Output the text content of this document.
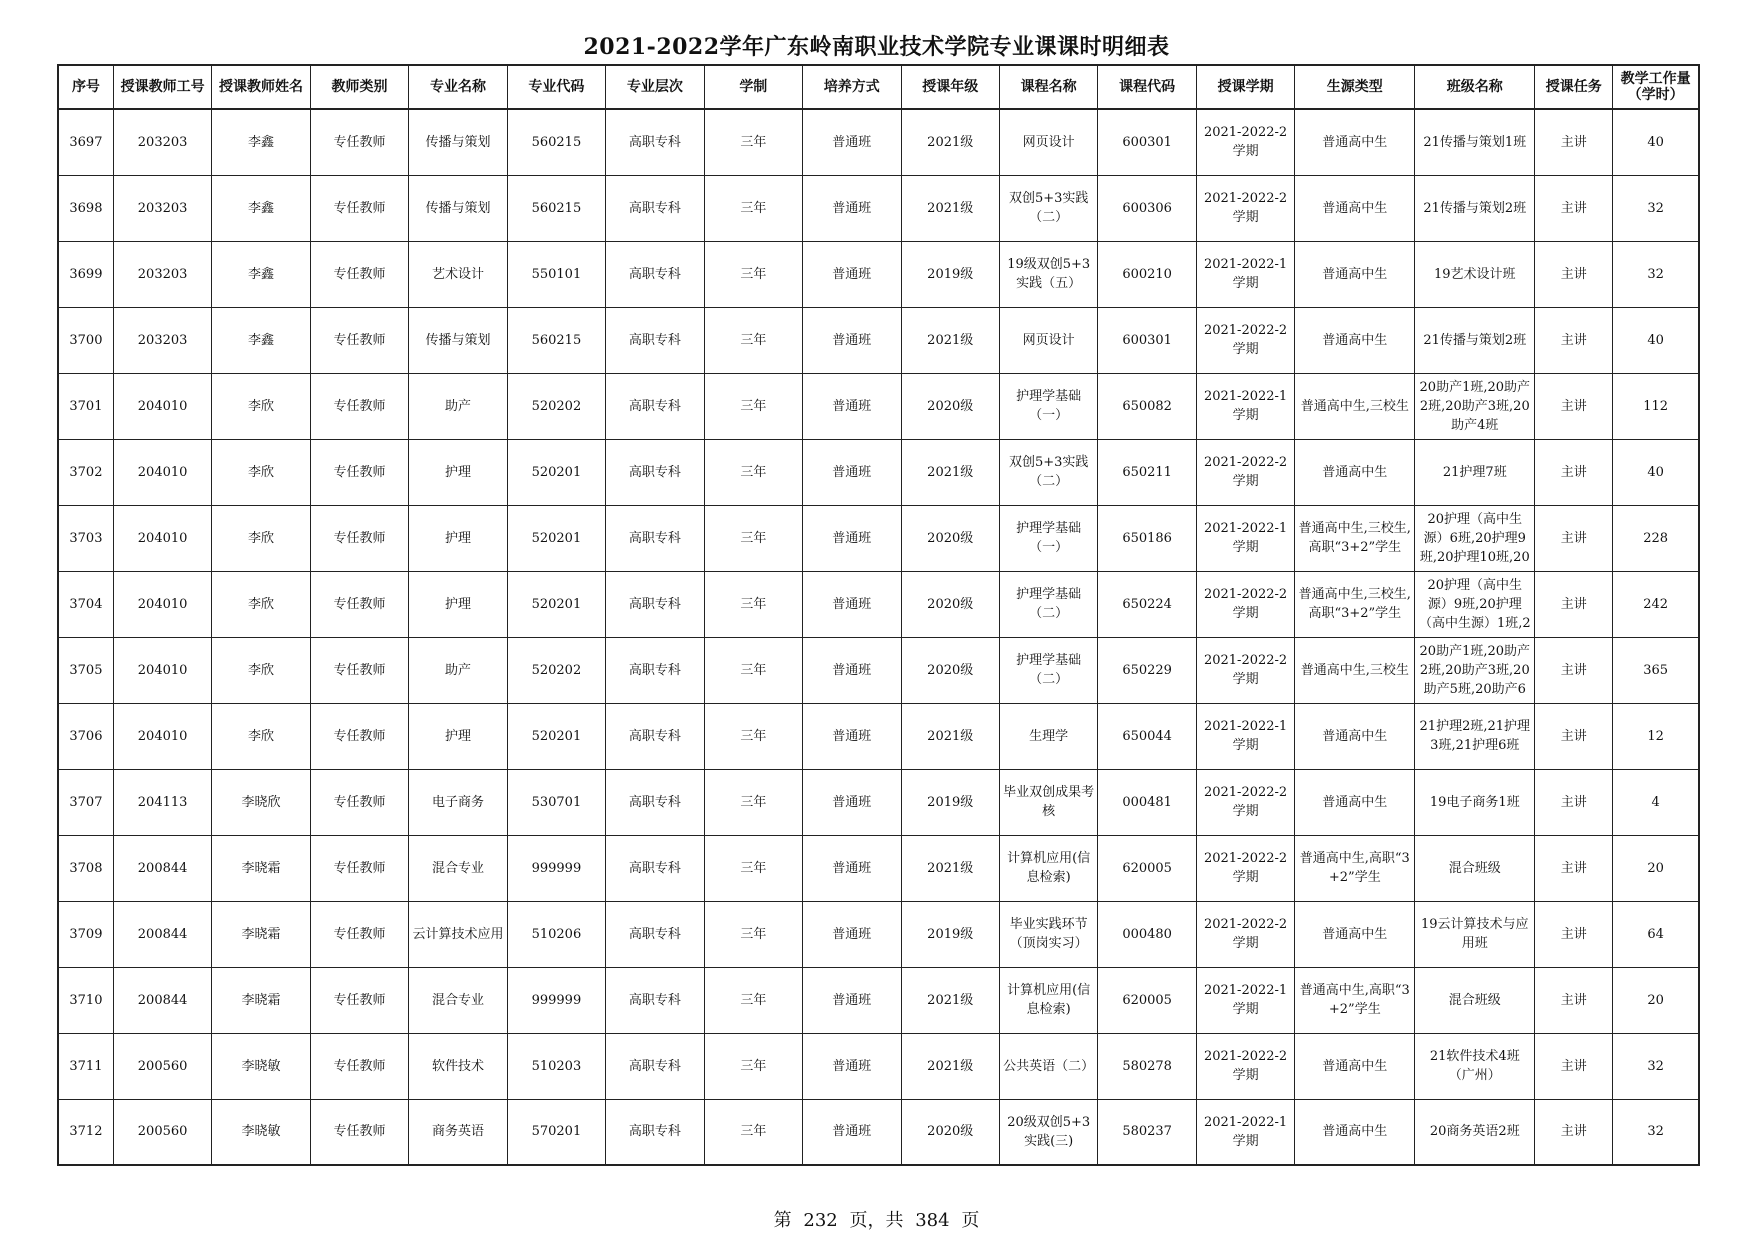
2021-2022学年广东岭南职业技术学院专业课课时明细表
序号	授课教师工号	授课教师姓名	教师类别	专业名称	专业代码	专业层次	学制	培养方式	授课年级	课程名称	课程代码	授课学期	生源类型	班级名称	授课任务	教学工作量（学时）

3697	203203	李鑫	专任教师	传播与策划	560215	高职专科	三年	普通班	2021级	网页设计	600301	2021-2022-2学期	普通高中生	21传播与策划1班	主讲	40

3698	203203	李鑫	专任教师	传播与策划	560215	高职专科	三年	普通班	2021级	双创5+3实践（二）	600306	2021-2022-2学期	普通高中生	21传播与策划2班	主讲	32

3699	203203	李鑫	专任教师	艺术设计	550101	高职专科	三年	普通班	2019级	19级双创5+3实践（五）	600210	2021-2022-1学期	普通高中生	19艺术设计班	主讲	32

3700	203203	李鑫	专任教师	传播与策划	560215	高职专科	三年	普通班	2021级	网页设计	600301	2021-2022-2学期	普通高中生	21传播与策划2班	主讲	40

3701	204010	李欣	专任教师	助产	520202	高职专科	三年	普通班	2020级	护理学基础（一）	650082	2021-2022-1学期	普通高中生,三校生	20助产1班,20助产2班,20助产3班,20助产4班	主讲	112

3702	204010	李欣	专任教师	护理	520201	高职专科	三年	普通班	2021级	双创5+3实践（二）	650211	2021-2022-2学期	普通高中生	21护理7班	主讲	40

3703	204010	李欣	专任教师	护理	520201	高职专科	三年	普通班	2020级	护理学基础（一）	650186	2021-2022-1学期	普通高中生,三校生,高职“3+2”学生	20护理（高中生源）6班,20护理9班,20护理10班,20	主讲	228

3704	204010	李欣	专任教师	护理	520201	高职专科	三年	普通班	2020级	护理学基础（二）	650224	2021-2022-2学期	普通高中生,三校生,高职“3+2”学生	20护理（高中生源）9班,20护理（高中生源）1班,2	主讲	242

3705	204010	李欣	专任教师	助产	520202	高职专科	三年	普通班	2020级	护理学基础（二）	650229	2021-2022-2学期	普通高中生,三校生	20助产1班,20助产2班,20助产3班,20助产5班,20助产6	主讲	365

3706	204010	李欣	专任教师	护理	520201	高职专科	三年	普通班	2021级	生理学	650044	2021-2022-1学期	普通高中生	21护理2班,21护理3班,21护理6班	主讲	12

3707	204113	李晓欣	专任教师	电子商务	530701	高职专科	三年	普通班	2019级	毕业双创成果考核	000481	2021-2022-2学期	普通高中生	19电子商务1班	主讲	4

3708	200844	李晓霜	专任教师	混合专业	999999	高职专科	三年	普通班	2021级	计算机应用(信息检索)	620005	2021-2022-2学期	普通高中生,高职“3+2”学生	混合班级	主讲	20

3709	200844	李晓霜	专任教师	云计算技术应用	510206	高职专科	三年	普通班	2019级	毕业实践环节（顶岗实习）	000480	2021-2022-2学期	普通高中生	19云计算技术与应用班	主讲	64

3710	200844	李晓霜	专任教师	混合专业	999999	高职专科	三年	普通班	2021级	计算机应用(信息检索)	620005	2021-2022-1学期	普通高中生,高职“3+2”学生	混合班级	主讲	20

3711	200560	李晓敏	专任教师	软件技术	510203	高职专科	三年	普通班	2021级	公共英语（二）	580278	2021-2022-2学期	普通高中生	21软件技术4班（广州）	主讲	32

3712	200560	李晓敏	专任教师	商务英语	570201	高职专科	三年	普通班	2020级	20级双创5+3实践(三)	580237	2021-2022-1学期	普通高中生	20商务英语2班	主讲	32
第 232 页，共 384 页
